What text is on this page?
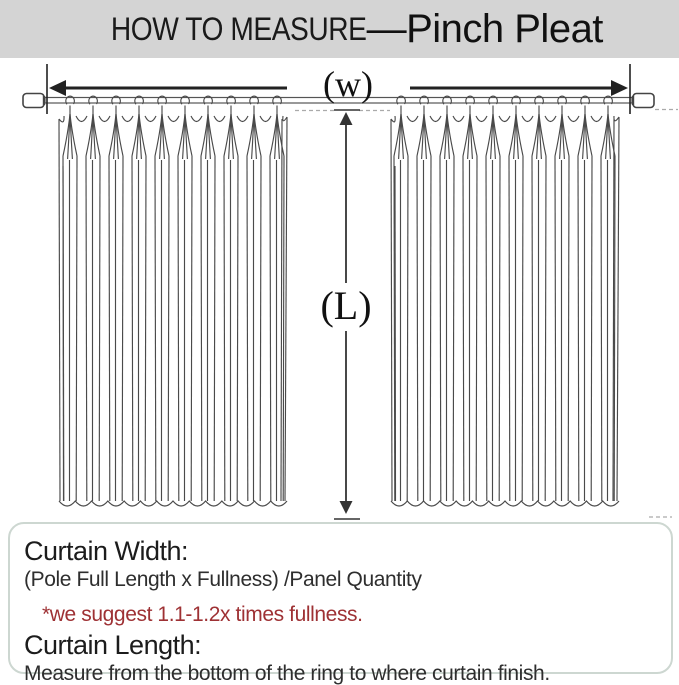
HOW TO MEASURE — Pinch Pleat
(w)
(L)
Curtain Width:
(Pole Full Length x Fullness) /Panel Quantity
*we suggest 1.1-1.2x times fullness.
Curtain Length:
Measure from the bottom of the ring to where curtain finish.
